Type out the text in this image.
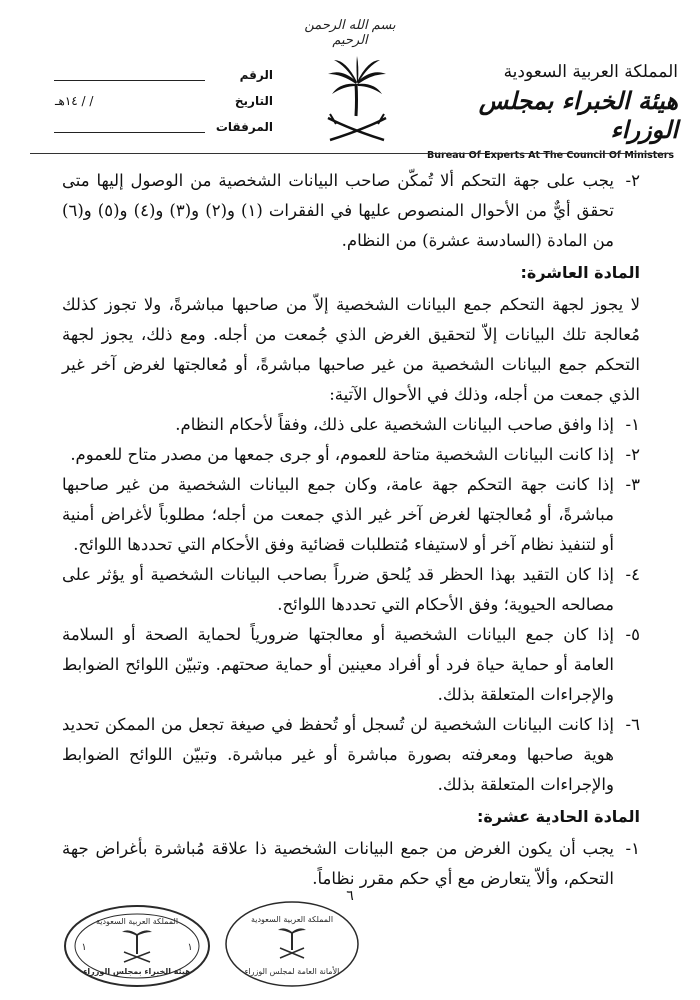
بسم الله الرحمن الرحيم
الرقم
التاريخ
/ / ١٤هـ
المرفقات
المملكة العربية السعودية
هيئة الخبراء بمجلس الوزراء
Bureau Of Experts At The Council Of Ministers
٢-

يجب على جهة التحكم ألا تُمكّن صاحب البيانات الشخصية من الوصول إليها متى تحقق أيٌّ من الأحوال المنصوص عليها في الفقرات (١) و(٢) و(٣) و(٤) و(٥) و(٦) من المادة (السادسة عشرة) من النظام.

المادة العاشرة:

لا يجوز لجهة التحكم جمع البيانات الشخصية إلاّ من صاحبها مباشرةً، ولا تجوز كذلك مُعالجة تلك البيانات إلاّ لتحقيق الغرض الذي جُمعت من أجله. ومع ذلك، يجوز لجهة التحكم جمع البيانات الشخصية من غير صاحبها مباشرةً، أو مُعالجتها لغرض آخر غير الذي جمعت من أجله، وذلك في الأحوال الآتية:

١-

إذا وافق صاحب البيانات الشخصية على ذلك، وفقاً لأحكام النظام.

٢-

إذا كانت البيانات الشخصية متاحة للعموم، أو جرى جمعها من مصدر متاح للعموم.

٣-

إذا كانت جهة التحكم جهة عامة، وكان جمع البيانات الشخصية من غير صاحبها مباشرةً، أو مُعالجتها لغرض آخر غير الذي جمعت من أجله؛ مطلوباً لأغراض أمنية أو لتنفيذ نظام آخر أو لاستيفاء مُتطلبات قضائية وفق الأحكام التي تحددها اللوائح.

٤-

إذا كان التقيد بهذا الحظر قد يُلحق ضرراً بصاحب البيانات الشخصية أو يؤثر على مصالحه الحيوية؛ وفق الأحكام التي تحددها اللوائح.

٥-

إذا كان جمع البيانات الشخصية أو معالجتها ضرورياً لحماية الصحة أو السلامة العامة أو حماية حياة فرد أو أفراد معينين أو حماية صحتهم. وتبيّن اللوائح الضوابط والإجراءات المتعلقة بذلك.

٦-

إذا كانت البيانات الشخصية لن تُسجل أو تُحفظ في صيغة تجعل من الممكن تحديد هوية صاحبها ومعرفته بصورة مباشرة أو غير مباشرة. وتبيّن اللوائح الضوابط والإجراءات المتعلقة بذلك.

المادة الحادية عشرة:
١-

يجب أن يكون الغرض من جمع البيانات الشخصية ذا علاقة مُباشرة بأغراض جهة التحكم، وألاّ يتعارض مع أي حكم مقرر نظاماً.

٦
المملكة العربية السعودية
هيئة الخبراء بمجلس الوزراء
١	١
المملكة العربية السعودية
الأمانة العامة لمجلس الوزراء
